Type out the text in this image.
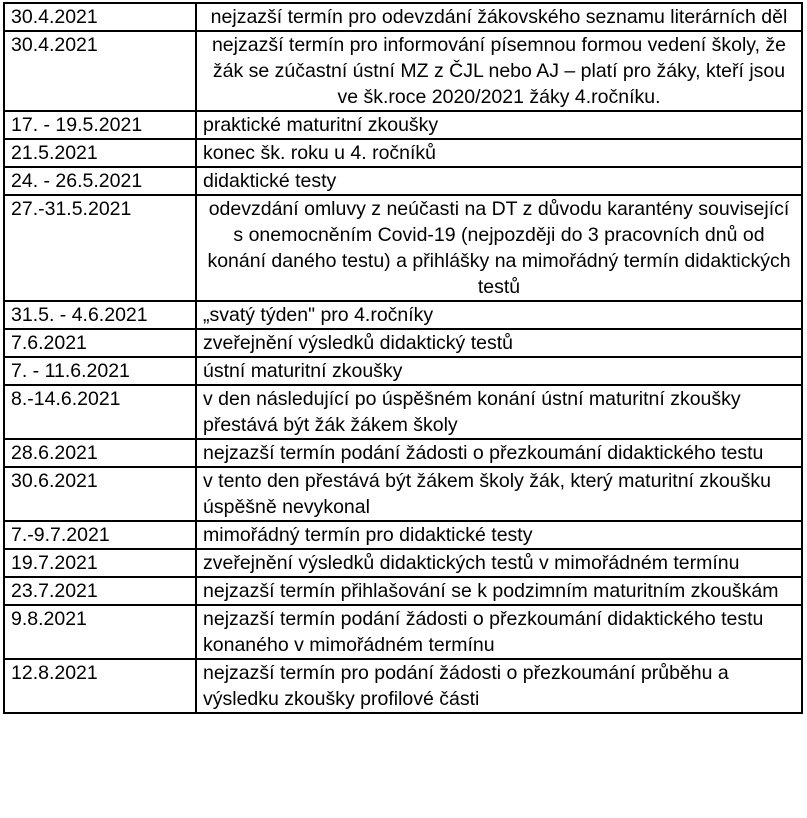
30.4.2021	nejzazší termín pro odevzdání žákovského seznamu literárních děl
30.4.2021	nejzazší termín pro informování písemnou formou vedení školy, že žák se zúčastní ústní MZ z ČJL nebo AJ – platí pro žáky, kteří jsou ve šk.roce 2020/2021 žáky 4.ročníku.
17. - 19.5.2021	praktické maturitní zkoušky
21.5.2021	konec šk. roku u 4. ročníků
24. - 26.5.2021	didaktické testy
27.-31.5.2021	odevzdání omluvy z neúčasti na DT z důvodu karantény související s onemocněním Covid-19 (nejpozději do 3 pracovních dnů od konání daného testu) a přihlášky na mimořádný termín didaktických testů
31.5. - 4.6.2021	„svatý týden" pro 4.ročníky
7.6.2021	zveřejnění výsledků didaktický testů
7. - 11.6.2021	ústní maturitní zkoušky
8.-14.6.2021	v den následující po úspěšném konání ústní maturitní zkoušky přestává být žák žákem školy
28.6.2021	nejzazší termín podání žádosti o přezkoumání didaktického testu
30.6.2021	v tento den přestává být žákem školy žák, který maturitní zkoušku úspěšně nevykonal
7.-9.7.2021	mimořádný termín pro didaktické testy
19.7.2021	zveřejnění výsledků didaktických testů v mimořádném termínu
23.7.2021	nejzazší termín přihlašování se k podzimním maturitním zkouškám
9.8.2021	nejzazší termín podání žádosti o přezkoumání didaktického testu konaného v mimořádném termínu
12.8.2021	nejzazší termín pro podání žádosti o přezkoumání průběhu a výsledku zkoušky profilové části
